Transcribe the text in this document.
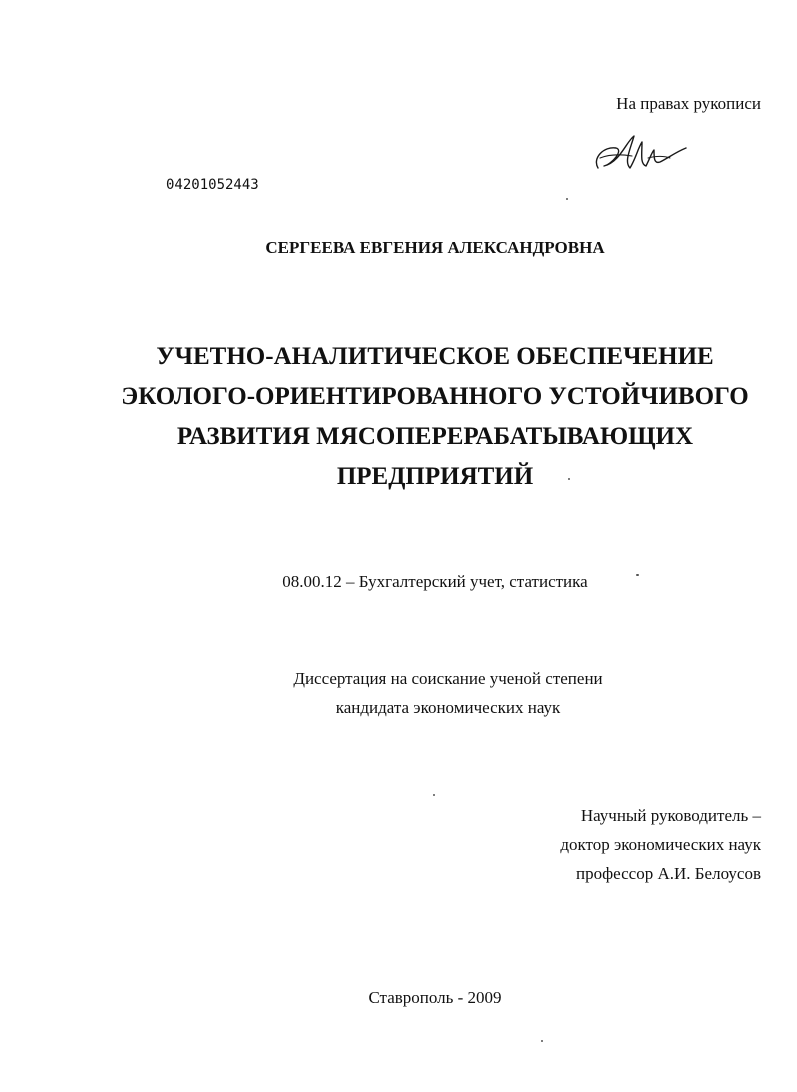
На правах рукописи

04201052443

СЕРГЕЕВА ЕВГЕНИЯ АЛЕКСАНДРОВНА

УЧЕТНО-АНАЛИТИЧЕСКОЕ ОБЕСПЕЧЕНИЕ
ЭКОЛОГО-ОРИЕНТИРОВАННОГО УСТОЙЧИВОГО
РАЗВИТИЯ МЯСОПЕРЕРАБАТЫВАЮЩИХ
ПРЕДПРИЯТИЙ

08.00.12 – Бухгалтерский учет, статистика

Диссертация на соискание ученой степени
кандидата экономических наук
Научный руководитель –
доктор экономических наук
профессор А.И. Белоусов

Ставрополь - 2009
